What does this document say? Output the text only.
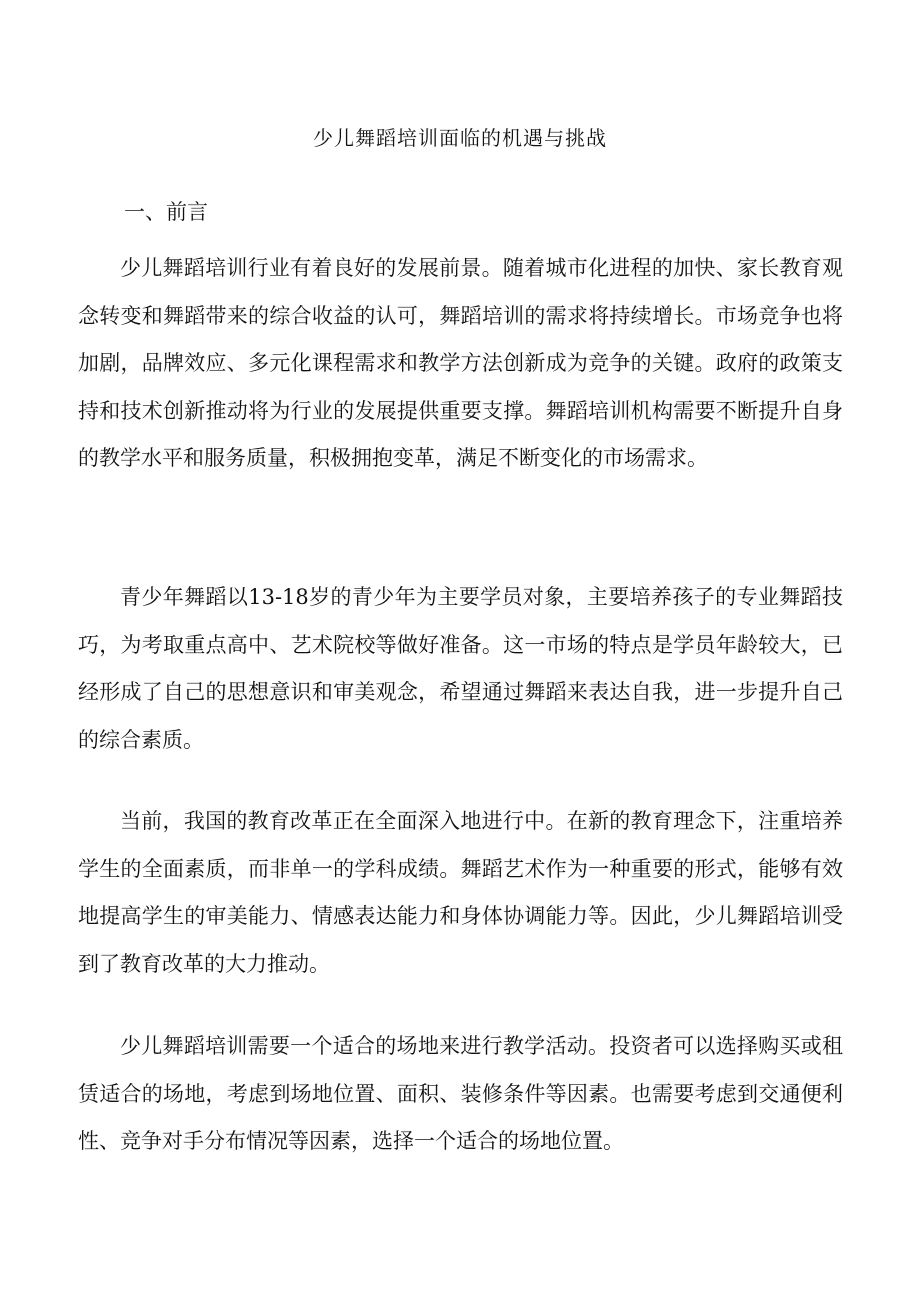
少儿舞蹈培训面临的机遇与挑战
一、前言

少儿舞蹈培训行业有着良好的发展前景。随着城市化进程的加快、家长教育观念转变和舞蹈带来的综合收益的认可，舞蹈培训的需求将持续增长。市场竞争也将加剧，品牌效应、多元化课程需求和教学方法创新成为竞争的关键。政府的政策支持和技术创新推动将为行业的发展提供重要支撑。舞蹈培训机构需要不断提升自身的教学水平和服务质量，积极拥抱变革，满足不断变化的市场需求。

青少年舞蹈以13-18岁的青少年为主要学员对象，主要培养孩子的专业舞蹈技巧，为考取重点高中、艺术院校等做好准备。这一市场的特点是学员年龄较大，已经形成了自己的思想意识和审美观念，希望通过舞蹈来表达自我，进一步提升自己的综合素质。

当前，我国的教育改革正在全面深入地进行中。在新的教育理念下，注重培养学生的全面素质，而非单一的学科成绩。舞蹈艺术作为一种重要的形式，能够有效地提高学生的审美能力、情感表达能力和身体协调能力等。因此，少儿舞蹈培训受到了教育改革的大力推动。

少儿舞蹈培训需要一个适合的场地来进行教学活动。投资者可以选择购买或租赁适合的场地，考虑到场地位置、面积、装修条件等因素。也需要考虑到交通便利性、竞争对手分布情况等因素，选择一个适合的场地位置。
